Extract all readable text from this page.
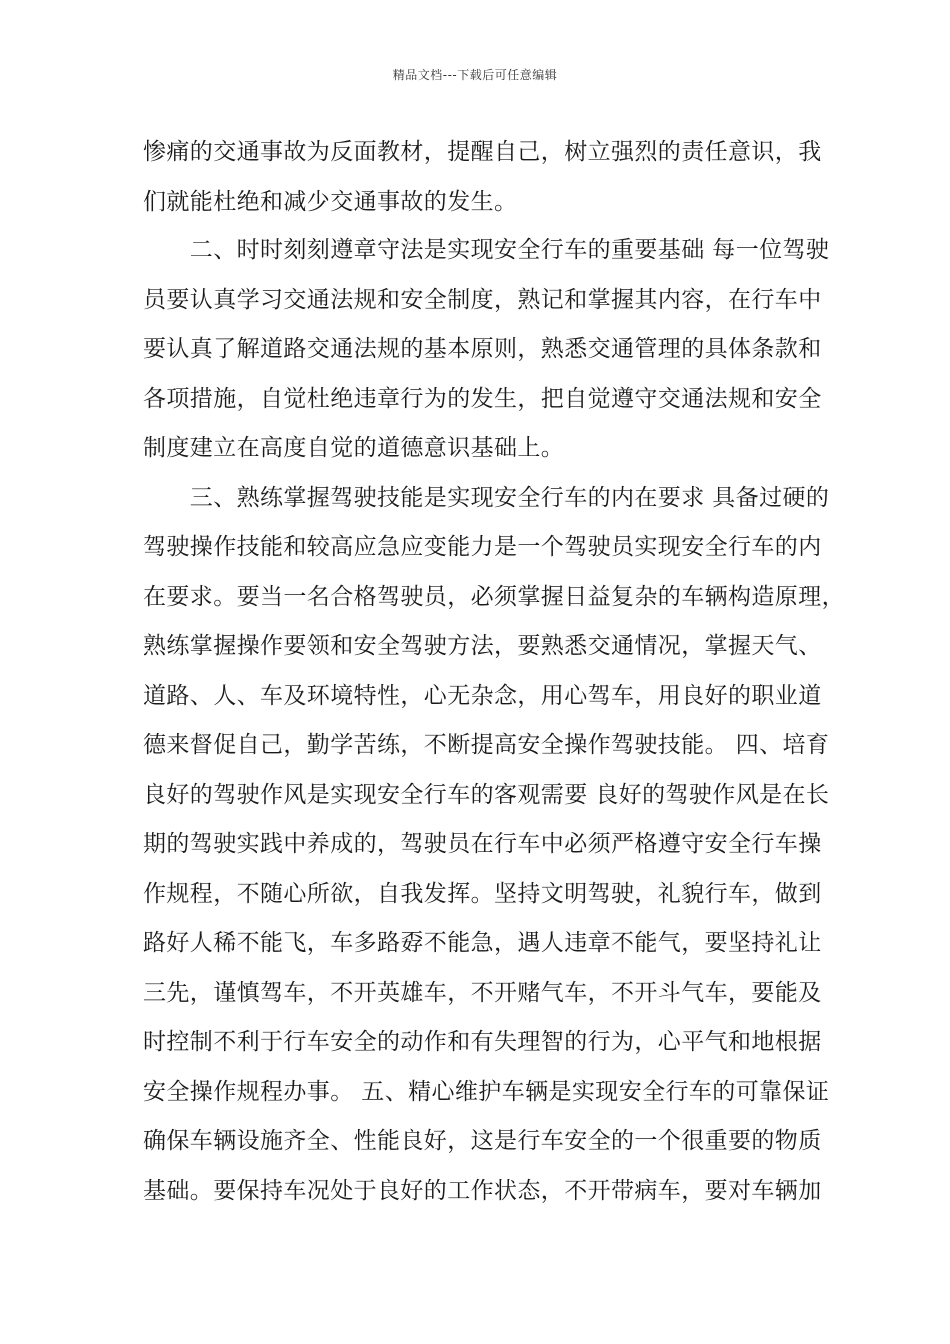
精品文档---下载后可任意编辑
惨痛的交通事故为反面教材，提醒自己，树立强烈的责任意识，我
们就能杜绝和减少交通事故的发生。
　　二、时时刻刻遵章守法是实现安全行车的重要基础 每一位驾驶
员要认真学习交通法规和安全制度，熟记和掌握其内容，在行车中
要认真了解道路交通法规的基本原则，熟悉交通管理的具体条款和
各项措施，自觉杜绝违章行为的发生，把自觉遵守交通法规和安全
制度建立在高度自觉的道德意识基础上。
　　三、熟练掌握驾驶技能是实现安全行车的内在要求 具备过硬的
驾驶操作技能和较高应急应变能力是一个驾驶员实现安全行车的内
在要求。要当一名合格驾驶员，必须掌握日益复杂的车辆构造原理，
熟练掌握操作要领和安全驾驶方法，要熟悉交通情况，掌握天气、
道路、人、车及环境特性，心无杂念，用心驾车，用良好的职业道
德来督促自己，勤学苦练，不断提高安全操作驾驶技能。 四、培育
良好的驾驶作风是实现安全行车的客观需要 良好的驾驶作风是在长
期的驾驶实践中养成的，驾驶员在行车中必须严格遵守安全行车操
作规程，不随心所欲，自我发挥。坚持文明驾驶，礼貌行车，做到
路好人稀不能飞，车多路孬不能急，遇人违章不能气，要坚持礼让
三先，谨慎驾车，不开英雄车，不开赌气车，不开斗气车，要能及
时控制不利于行车安全的动作和有失理智的行为，心平气和地根据
安全操作规程办事。 五、精心维护车辆是实现安全行车的可靠保证
确保车辆设施齐全、性能良好，这是行车安全的一个很重要的物质
基础。要保持车况处于良好的工作状态，不开带病车，要对车辆加
